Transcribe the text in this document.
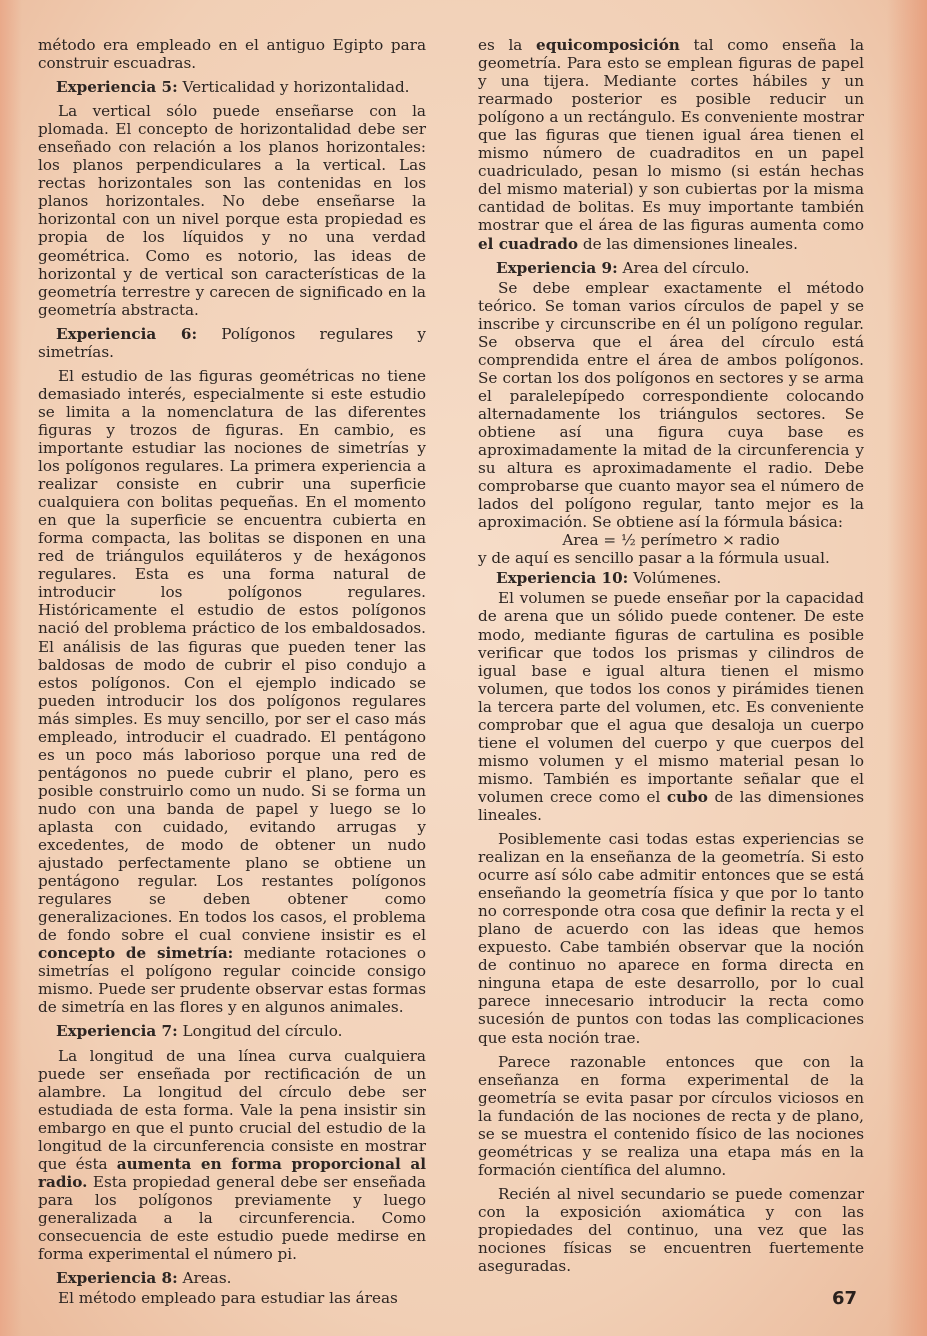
método era empleado en el antiguo Egipto para construir escuadras.

Experiencia 5: Verticalidad y horizontalidad.

La vertical sólo puede enseñarse con la plomada. El concepto de horizontalidad debe ser enseñado con relación a los planos horizontales: los planos perpendiculares a la vertical. Las rectas horizontales son las contenidas en los planos horizontales. No debe enseñarse la horizontal con un nivel porque esta propiedad es propia de los líquidos y no una verdad geométrica. Como es notorio, las ideas de horizontal y de vertical son características de la geometría terrestre y carecen de significado en la geometría abstracta.

Experiencia 6: Polígonos regulares y simetrías.

El estudio de las figuras geométricas no tiene demasiado interés, especialmente si este estudio se limita a la nomenclatura de las diferentes figuras y trozos de figuras. En cambio, es importante estudiar las nociones de simetrías y los polígonos regulares. La primera experiencia a realizar consiste en cubrir una superficie cualquiera con bolitas pequeñas. En el momento en que la superficie se encuentra cubierta en forma compacta, las bolitas se disponen en una red de triángulos equiláteros y de hexágonos regulares. Esta es una forma natural de introducir los polígonos regulares. Históricamente el estudio de estos polígonos nació del problema práctico de los embaldosados. El análisis de las figuras que pueden tener las baldosas de modo de cubrir el piso condujo a estos polígonos. Con el ejemplo indicado se pueden introducir los dos polígonos regulares más simples. Es muy sencillo, por ser el caso más empleado, introducir el cuadrado. El pentágono es un poco más laborioso porque una red de pentágonos no puede cubrir el plano, pero es posible construirlo como un nudo. Si se forma un nudo con una banda de papel y luego se lo aplasta con cuidado, evitando arrugas y excedentes, de modo de obtener un nudo ajustado perfectamente plano se obtiene un pentágono regular. Los restantes polígonos regulares se deben obtener como generalizaciones. En todos los casos, el problema de fondo sobre el cual conviene insistir es el concepto de simetría: mediante rotaciones o simetrías el polígono regular coincide consigo mismo. Puede ser prudente observar estas formas de simetría en las flores y en algunos animales.

Experiencia 7: Longitud del círculo.

La longitud de una línea curva cualquiera puede ser enseñada por rectificación de un alambre. La longitud del círculo debe ser estudiada de esta forma. Vale la pena insistir sin embargo en que el punto crucial del estudio de la longitud de la circunferencia consiste en mostrar que ésta aumenta en forma proporcional al radio. Esta propiedad general debe ser enseñada para los polígonos previamente y luego generalizada a la circunferencia. Como consecuencia de este estudio puede medirse en forma experimental el número pi.

Experiencia 8: Areas.

El método empleado para estudiar las áreas

es la equicomposición tal como enseña la geometría. Para esto se emplean figuras de papel y una tijera. Mediante cortes hábiles y un rearmado posterior es posible reducir un polígono a un rectángulo. Es conveniente mostrar que las figuras que tienen igual área tienen el mismo número de cuadraditos en un papel cuadriculado, pesan lo mismo (si están hechas del mismo material) y son cubiertas por la misma cantidad de bolitas. Es muy importante también mostrar que el área de las figuras aumenta como el cuadrado de las dimensiones lineales.

Experiencia 9: Area del círculo.

Se debe emplear exactamente el método teórico. Se toman varios círculos de papel y se inscribe y circunscribe en él un polígono regular. Se observa que el área del círculo está comprendida entre el área de ambos polígonos. Se cortan los dos polígonos en sectores y se arma el paralelepípedo correspondiente colocando alternadamente los triángulos sectores. Se obtiene así una figura cuya base es aproximadamente la mitad de la circunferencia y su altura es aproximadamente el radio. Debe comprobarse que cuanto mayor sea el número de lados del polígono regular, tanto mejor es la aproximación. Se obtiene así la fórmula básica:

Area = ½ perímetro × radio

y de aquí es sencillo pasar a la fórmula usual.

Experiencia 10: Volúmenes.

El volumen se puede enseñar por la capacidad de arena que un sólido puede contener. De este modo, mediante figuras de cartulina es posible verificar que todos los prismas y cilindros de igual base e igual altura tienen el mismo volumen, que todos los conos y pirámides tienen la tercera parte del volumen, etc. Es conveniente comprobar que el agua que desaloja un cuerpo tiene el volumen del cuerpo y que cuerpos del mismo volumen y el mismo material pesan lo mismo. También es importante señalar que el volumen crece como el cubo de las dimensiones lineales.

Posiblemente casi todas estas experiencias se realizan en la enseñanza de la geometría. Si esto ocurre así sólo cabe admitir entonces que se está enseñando la geometría física y que por lo tanto no corresponde otra cosa que definir la recta y el plano de acuerdo con las ideas que hemos expuesto. Cabe también observar que la noción de continuo no aparece en forma directa en ninguna etapa de este desarrollo, por lo cual parece innecesario introducir la recta como sucesión de puntos con todas las complicaciones que esta noción trae.

Parece razonable entonces que con la enseñanza en forma experimental de la geometría se evita pasar por círculos viciosos en la fundación de las nociones de recta y de plano, se se muestra el contenido físico de las nociones geométricas y se realiza una etapa más en la formación científica del alumno.

Recién al nivel secundario se puede comenzar con la exposición axiomática y con las propiedades del continuo, una vez que las nociones físicas se encuentren fuertemente aseguradas.

67
